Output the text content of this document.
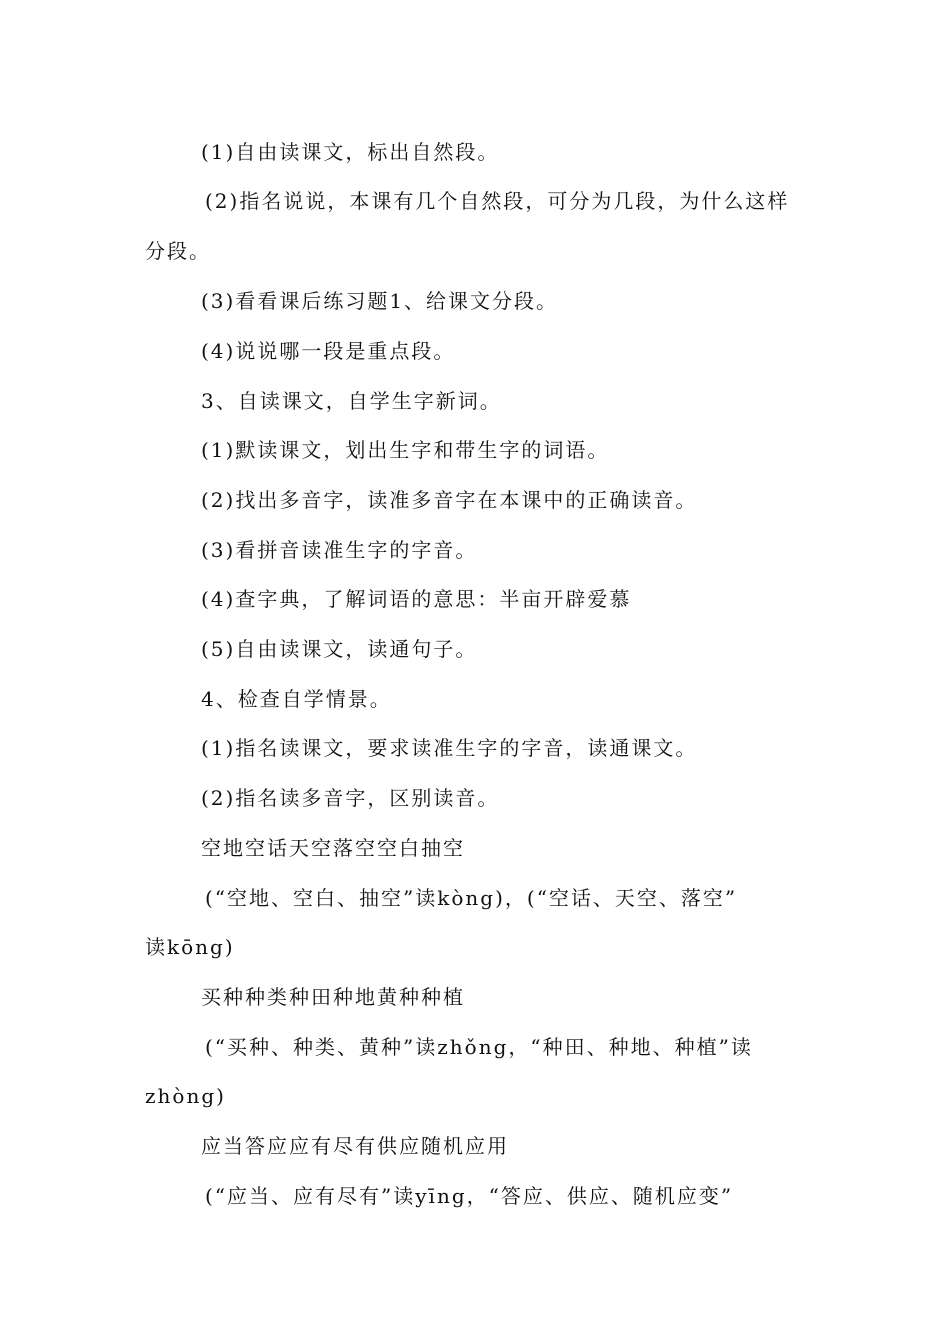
(1)自由读课文，标出自然段。
(2)指名说说，本课有几个自然段，可分为几段，为什么这样
分段。
(3)看看课后练习题1、给课文分段。
(4)说说哪一段是重点段。
3、自读课文，自学生字新词。
(1)默读课文，划出生字和带生字的词语。
(2)找出多音字，读准多音字在本课中的正确读音。
(3)看拼音读准生字的字音。
(4)查字典，了解词语的意思：半亩开辟爱慕
(5)自由读课文，读通句子。
4、检查自学情景。
(1)指名读课文，要求读准生字的字音，读通课文。
(2)指名读多音字，区别读音。
空地空话天空落空空白抽空
(“空地、空白、抽空”读kòng)，(“空话、天空、落空”
读kōng)
买种种类种田种地黄种种植
(“买种、种类、黄种”读zhǒng，“种田、种地、种植”读
zhòng)
应当答应应有尽有供应随机应用
(“应当、应有尽有”读yīng，“答应、供应、随机应变”
